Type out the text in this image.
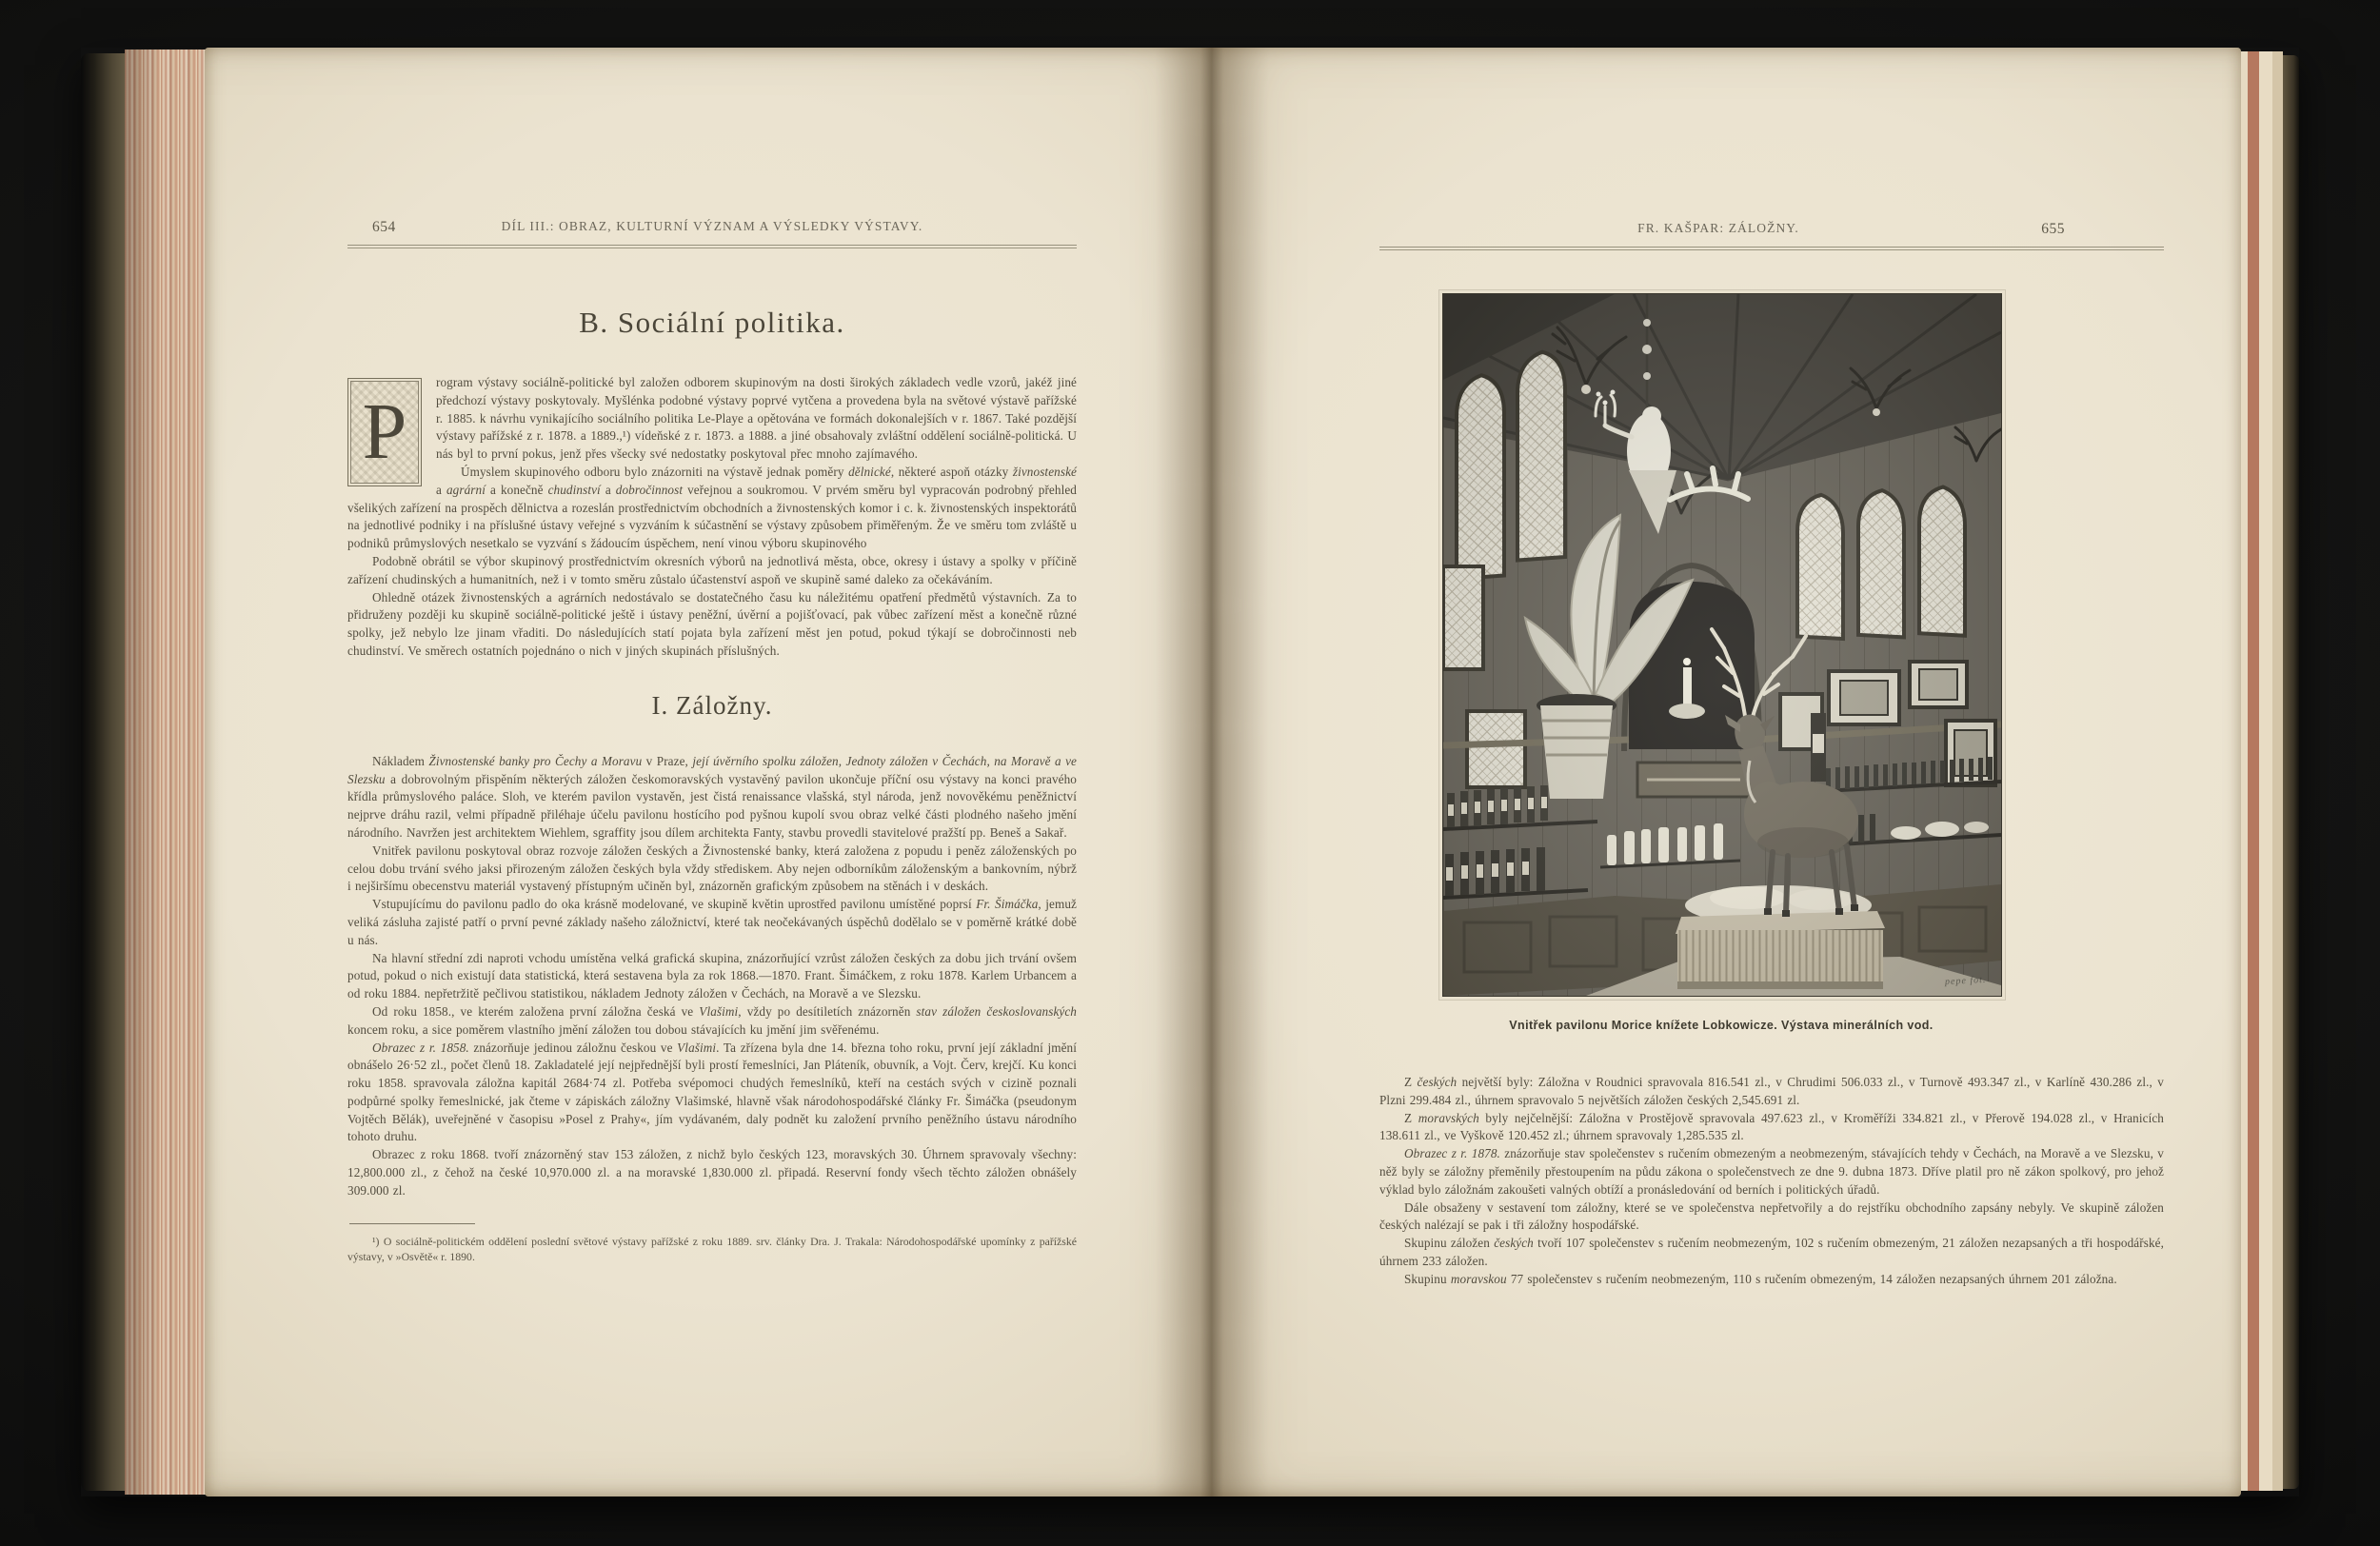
654	DÍL III.: OBRAZ, KULTURNÍ VÝZNAM A VÝSLEDKY VÝSTAVY.
B. Sociální politika.

P
rogram výstavy sociálně-politické byl založen odborem skupinovým na dosti širokých základech vedle vzorů, jakéž jiné předchozí výstavy poskytovaly. Myšlénka podobné výstavy poprvé vytčena a provedena byla na světové výstavě pařížské r. 1885. k návrhu vynikajícího sociálního politika Le-Playe a opětována ve formách dokonalejších v r. 1867. Také pozdější výstavy pařížské z r. 1878. a 1889.,¹) vídeňské z r. 1873. a 1888. a jiné obsahovaly zvláštní oddělení sociálně-politická. U nás byl to první pokus, jenž přes všecky své nedostatky poskytoval přec mnoho zajímavého.

Úmyslem skupinového odboru bylo znázorniti na výstavě jednak poměry dělnické, některé aspoň otázky živnostenské a agrární a konečně chudinství a dobročinnost veřejnou a soukromou. V prvém směru byl vypracován podrobný přehled všelikých zařízení na prospěch dělnictva a rozeslán prostřednictvím obchodních a živnostenských komor i c. k. živnostenských inspektorátů na jednotlivé podniky i na příslušné ústavy veřejné s vyzváním k súčastnění se výstavy způsobem přiměřeným. Že ve směru tom zvláště u podniků průmyslových nesetkalo se vyzvání s žádoucím úspěchem, není vinou výboru skupinového

Podobně obrátil se výbor skupinový prostřednictvím okresních výborů na jednotlivá města, obce, okresy i ústavy a spolky v příčině zařízení chudinských a humanitních, než i v tomto směru zůstalo účastenství aspoň ve skupině samé daleko za očekáváním.

Ohledně otázek živnostenských a agrárních nedostávalo se dostatečného času ku náležitému opatření předmětů výstavních. Za to přidruženy později ku skupině sociálně-politické ještě i ústavy peněžní, úvěrní a pojišťovací, pak vůbec zařízení měst a konečně různé spolky, jež nebylo lze jinam vřaditi. Do následujících statí pojata byla zařízení měst jen potud, pokud týkají se dobročinnosti neb chudinství. Ve směrech ostatních pojednáno o nich v jiných skupinách příslušných.

I. Záložny.

Nákladem Živnostenské banky pro Čechy a Moravu v Praze, její úvěrního spolku záložen, Jednoty záložen v Čechách, na Moravě a ve Slezsku a dobrovolným přispěním některých záložen českomoravských vystavěný pavilon ukončuje příční osu výstavy na konci pravého křídla průmyslového paláce. Sloh, ve kterém pavilon vystavěn, jest čistá renaissance vlašská, styl národa, jenž novověkému peněžnictví nejprve dráhu razil, velmi případně přiléhaje účelu pavilonu hostícího pod pyšnou kupolí svou obraz velké části plodného našeho jmění národního. Navržen jest architektem Wiehlem, sgraffity jsou dílem architekta Fanty, stavbu provedli stavitelové pražští pp. Beneš a Sakař.

Vnitřek pavilonu poskytoval obraz rozvoje záložen českých a Živnostenské banky, která založena z popudu i peněz záloženských po celou dobu trvání svého jaksi přirozeným záložen českých byla vždy střediskem. Aby nejen odborníkům záloženským a bankovním, nýbrž i nejširšímu obecenstvu materiál vystavený přístupným učiněn byl, znázorněn grafickým způsobem na stěnách i v deskách.

Vstupujícímu do pavilonu padlo do oka krásně modelované, ve skupině květin uprostřed pavilonu umístěné poprsí Fr. Šimáčka, jemuž veliká zásluha zajisté patří o první pevné základy našeho záložnictví, které tak neočekávaných úspěchů dodělalo se v poměrně krátké době u nás.

Na hlavní střední zdi naproti vchodu umístěna velká grafická skupina, znázorňující vzrůst záložen českých za dobu jich trvání ovšem potud, pokud o nich existují data statistická, která sestavena byla za rok 1868.—1870. Frant. Šimáčkem, z roku 1878. Karlem Urbancem a od roku 1884. nepřetržitě pečlivou statistikou, nákladem Jednoty záložen v Čechách, na Moravě a ve Slezsku.

Od roku 1858., ve kterém založena první záložna česká ve Vlašimi, vždy po desítiletích znázorněn stav záložen českoslovanských koncem roku, a sice poměrem vlastního jmění záložen tou dobou stávajících ku jmění jim svěřenému.

Obrazec z r. 1858. znázorňuje jedinou záložnu českou ve Vlašimi. Ta zřízena byla dne 14. března toho roku, první její základní jmění obnášelo 26·52 zl., počet členů 18. Zakladatelé její nejpřednější byli prostí řemeslníci, Jan Pláteník, obuvník, a Vojt. Červ, krejčí. Ku konci roku 1858. spravovala záložna kapitál 2684·74 zl. Potřeba svépomoci chudých řemeslníků, kteří na cestách svých v cizině poznali podpůrné spolky řemeslnické, jak čteme v zápiskách záložny Vlašimské, hlavně však národohospodářské články Fr. Šimáčka (pseudonym Vojtěch Bělák), uveřejněné v časopisu »Posel z Prahy«, jím vydávaném, daly podnět ku založení prvního peněžního ústavu národního tohoto druhu.

Obrazec z roku 1868. tvoří znázorněný stav 153 záložen, z nichž bylo českých 123, moravských 30. Úhrnem spravovaly všechny: 12,800.000 zl., z čehož na české 10,970.000 zl. a na moravské 1,830.000 zl. připadá. Reservní fondy všech těchto záložen obnášely 309.000 zl.

¹) O sociálně-politickém oddělení poslední světové výstavy pařížské z roku 1889. srv. články Dra. J. Trakala: Národohospodářské upomínky z pařížské výstavy, v »Osvětě« r. 1890.

FR. KAŠPAR: ZÁLOŽNY.	655
pepe fot.
Vnitřek pavilonu Morice knížete Lobkowicze. Výstava minerálních vod.

Z českých největší byly: Záložna v Roudnici spravovala 816.541 zl., v Chrudimi 506.033 zl., v Turnově 493.347 zl., v Karlíně 430.286 zl., v Plzni 299.484 zl., úhrnem spravovalo 5 největších záložen českých 2,545.691 zl.

Z moravských byly nejčelnější: Záložna v Prostějově spravovala 497.623 zl., v Kroměříži 334.821 zl., v Přerově 194.028 zl., v Hranicích 138.611 zl., ve Vyškově 120.452 zl.; úhrnem spravovaly 1,285.535 zl.

Obrazec z r. 1878. znázorňuje stav společenstev s ručením obmezeným a neobmezeným, stávajících tehdy v Čechách, na Moravě a ve Slezsku, v něž byly se záložny přeměnily přestoupením na půdu zákona o společenstvech ze dne 9. dubna 1873. Dříve platil pro ně zákon spolkový, pro jehož výklad bylo záložnám zakoušeti valných obtíží a pronásledování od berních i politických úřadů.

Dále obsaženy v sestavení tom záložny, které se ve společenstva nepřetvořily a do rejstříku obchodního zapsány nebyly. Ve skupině záložen českých nalézají se pak i tři záložny hospodářské.

Skupinu záložen českých tvoří 107 společenstev s ručením neobmezeným, 102 s ručením obmezeným, 21 záložen nezapsaných a tři hospodářské, úhrnem 233 záložen.

Skupinu moravskou 77 společenstev s ručením neobmezeným, 110 s ručením obmezeným, 14 záložen nezapsaných úhrnem 201 záložna.
